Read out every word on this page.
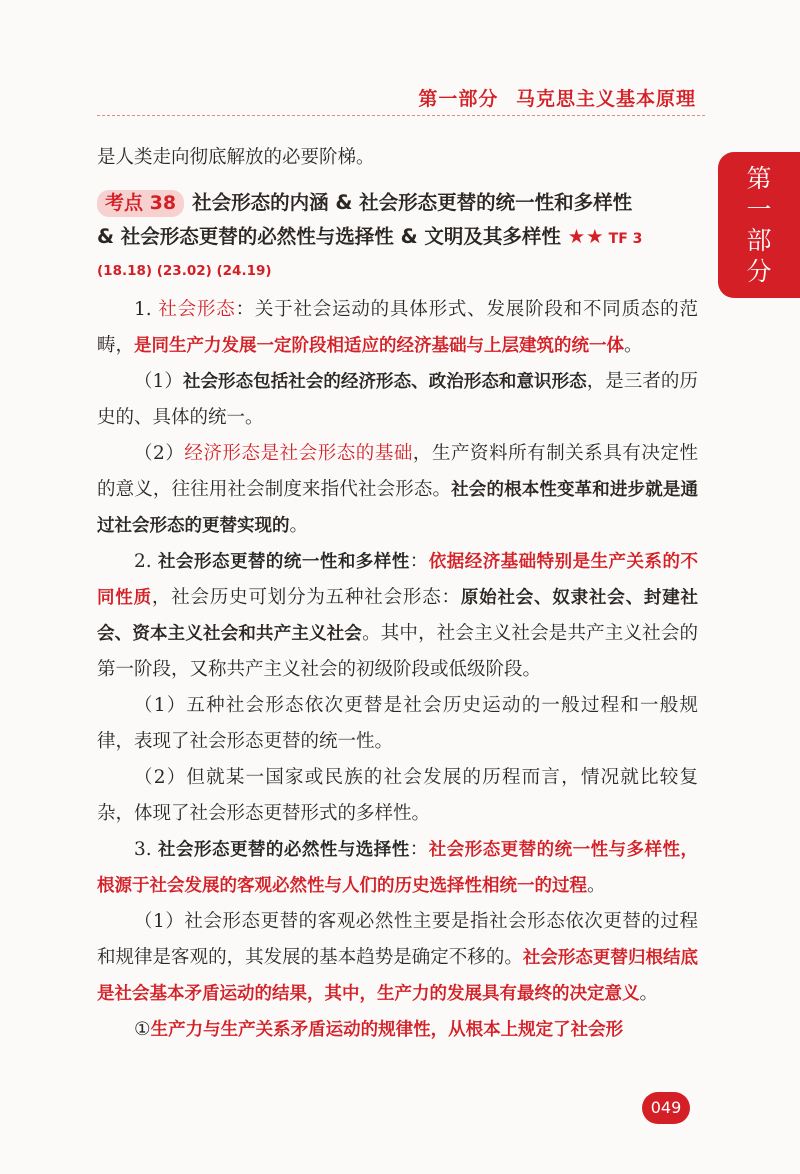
第一部分 马克思主义基本原理
第
一
部
分

是人类走向彻底解放的必要阶梯。

考点 38 社会形态的内涵 & 社会形态更替的统一性和多样性
& 社会形态更替的必然性与选择性 & 文明及其多样性 ★★ TF 3

(18.18) (23.02) (24.19)

1. 社会形态：关于社会运动的具体形式、发展阶段和不同质态的范畴，是同生产力发展一定阶段相适应的经济基础与上层建筑的统一体。

（1）社会形态包括社会的经济形态、政治形态和意识形态，是三者的历史的、具体的统一。

（2）经济形态是社会形态的基础，生产资料所有制关系具有决定性的意义，往往用社会制度来指代社会形态。社会的根本性变革和进步就是通过社会形态的更替实现的。

2. 社会形态更替的统一性和多样性：依据经济基础特别是生产关系的不同性质，社会历史可划分为五种社会形态：原始社会、奴隶社会、封建社会、资本主义社会和共产主义社会。其中，社会主义社会是共产主义社会的第一阶段，又称共产主义社会的初级阶段或低级阶段。

（1）五种社会形态依次更替是社会历史运动的一般过程和一般规律，表现了社会形态更替的统一性。

（2）但就某一国家或民族的社会发展的历程而言，情况就比较复杂，体现了社会形态更替形式的多样性。

3. 社会形态更替的必然性与选择性：社会形态更替的统一性与多样性，根源于社会发展的客观必然性与人们的历史选择性相统一的过程。

（1）社会形态更替的客观必然性主要是指社会形态依次更替的过程和规律是客观的，其发展的基本趋势是确定不移的。社会形态更替归根结底是社会基本矛盾运动的结果，其中，生产力的发展具有最终的决定意义。

①生产力与生产关系矛盾运动的规律性，从根本上规定了社会形

049
